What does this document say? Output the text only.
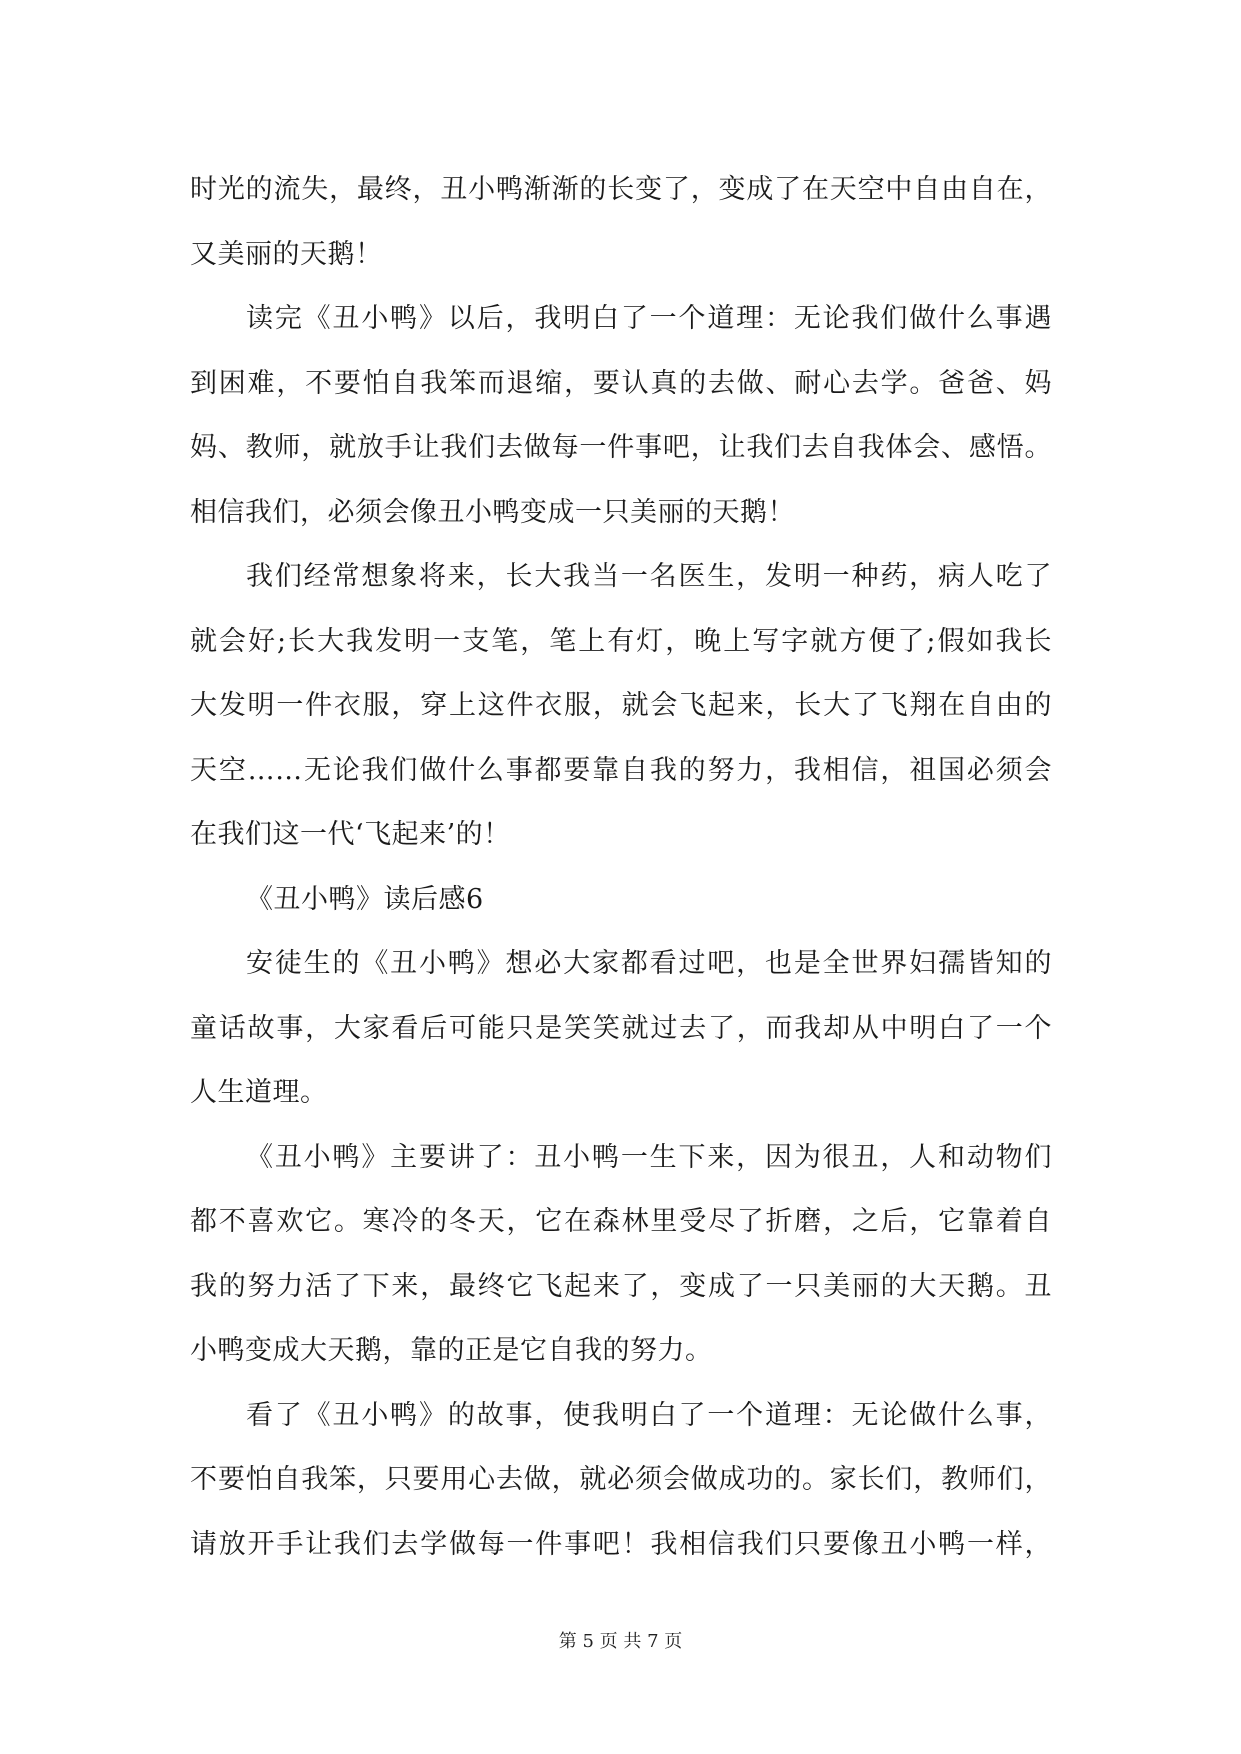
时光的流失，最终，丑小鸭渐渐的长变了，变成了在天空中自由自在，
又美丽的天鹅！
读完《丑小鸭》以后，我明白了一个道理：无论我们做什么事遇
到困难，不要怕自我笨而退缩，要认真的去做、耐心去学。爸爸、妈
妈、教师，就放手让我们去做每一件事吧，让我们去自我体会、感悟。
相信我们，必须会像丑小鸭变成一只美丽的天鹅！
我们经常想象将来，长大我当一名医生，发明一种药，病人吃了
就会好;长大我发明一支笔，笔上有灯，晚上写字就方便了;假如我长
大发明一件衣服，穿上这件衣服，就会飞起来，长大了飞翔在自由的
天空……无论我们做什么事都要靠自我的努力，我相信，祖国必须会
在我们这一代‘飞起来’的！
《丑小鸭》读后感6
安徒生的《丑小鸭》想必大家都看过吧，也是全世界妇孺皆知的
童话故事，大家看后可能只是笑笑就过去了，而我却从中明白了一个
人生道理。
《丑小鸭》主要讲了：丑小鸭一生下来，因为很丑，人和动物们
都不喜欢它。寒冷的冬天，它在森林里受尽了折磨，之后，它靠着自
我的努力活了下来，最终它飞起来了，变成了一只美丽的大天鹅。丑
小鸭变成大天鹅，靠的正是它自我的努力。
看了《丑小鸭》的故事，使我明白了一个道理：无论做什么事，
不要怕自我笨，只要用心去做，就必须会做成功的。家长们，教师们，
请放开手让我们去学做每一件事吧！我相信我们只要像丑小鸭一样，
第 5 页 共 7 页
